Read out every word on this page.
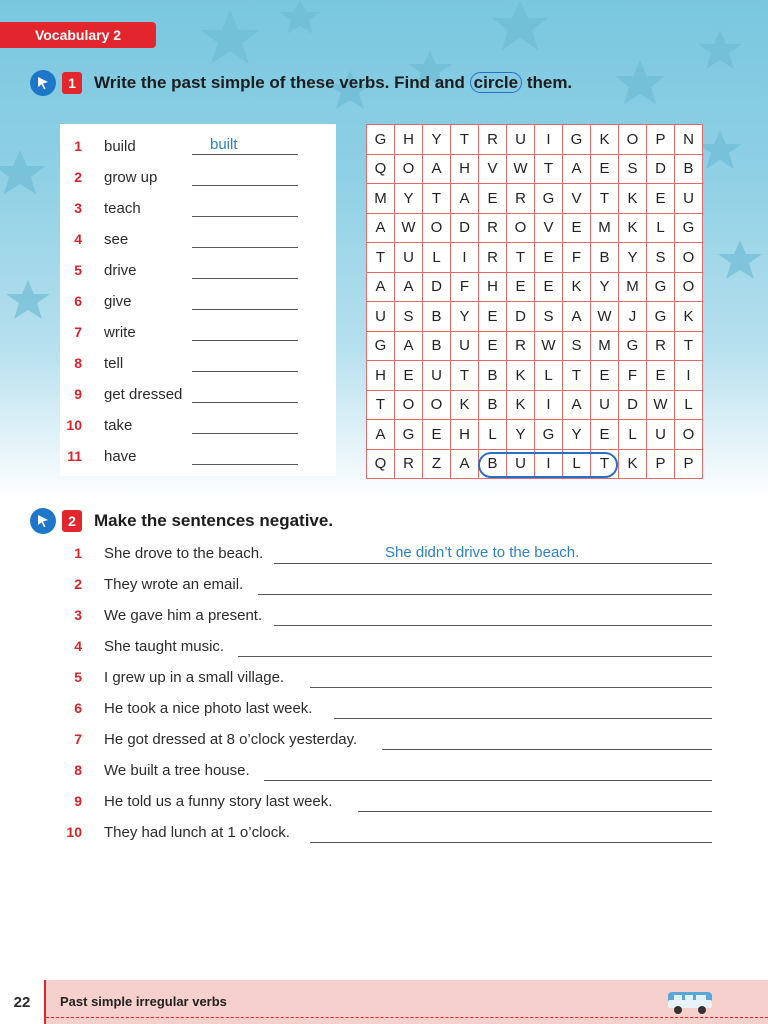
Vocabulary 2
1	Write the past simple of these verbs. Find and circle them.
1 build	built
2 grow up
3 teach
4 see
5 drive
6 give
7 write
8 tell
9 get dressed
10 take
11 have
G	H	Y	T	R	U	I	G	K	O	P	N
Q	O	A	H	V	W	T	A	E	S	D	B
M	Y	T	A	E	R	G	V	T	K	E	U
A	W	O	D	R	O	V	E	M	K	L	G
T	U	L	I	R	T	E	F	B	Y	S	O
A	A	D	F	H	E	E	K	Y	M	G	O
U	S	B	Y	E	D	S	A	W	J	G	K
G	A	B	U	E	R	W	S	M	G	R	T
H	E	U	T	B	K	L	T	E	F	E	I
T	O	O	K	B	K	I	A	U	D	W	L
A	G	E	H	L	Y	G	Y	E	L	U	O
Q	R	Z	A	B	U	I	L	T	K	P	P
2	Make the sentences negative.
1 She drove to the beach.	She didn’t drive to the beach.
2 They wrote an email.
3 We gave him a present.
4 She taught music.
5 I grew up in a small village.
6 He took a nice photo last week.
7 He got dressed at 8 o’clock yesterday.
8 We built a tree house.
9 He told us a funny story last week.
10 They had lunch at 1 o’clock.
22	Past simple irregular verbs
